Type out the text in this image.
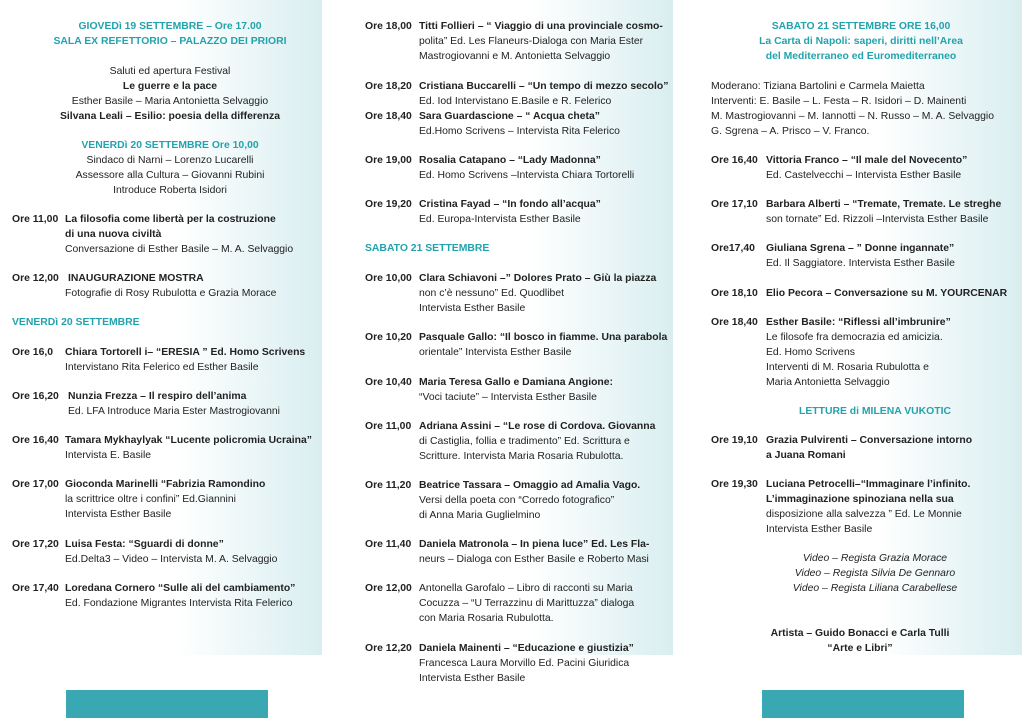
GIOVEDì 19 SETTEMBRE – Ore 17.00
SALA EX REFETTORIO – PALAZZO DEI PRIORI
Saluti ed apertura Festival
Le guerre e la pace
Esther Basile – Maria Antonietta Selvaggio
Silvana Leali – Esilio: poesia della differenza
VENERDì 20 SETTEMBRE Ore 10,00
Sindaco di Narni – Lorenzo Lucarelli
Assessore alla Cultura – Giovanni Rubini
Introduce Roberta Isidori
Ore 11,00 La filosofia come libertà per la costruzione
di una nuova civiltà
Conversazione di Esther Basile – M. A. Selvaggio
Ore 12,00 INAUGURAZIONE MOSTRA
Fotografie di Rosy Rubulotta e Grazia Morace
VENERDì 20 SETTEMBRE
Ore 16,0 Chiara Tortorell i– “ERESIA ” Ed. Homo Scrivens
Intervistano Rita Felerico ed Esther Basile
Ore 16,20 Nunzia Frezza – Il respiro dell’anima
Ed. LFA Introduce Maria Ester Mastrogiovanni
Ore 16,40 Tamara Mykhaylyak “Lucente policromia Ucraina”
Intervista E. Basile
Ore 17,00 Gioconda Marinelli “Fabrizia Ramondino
la scrittrice oltre i confini” Ed.Giannini
Intervista Esther Basile
Ore 17,20 Luisa Festa: “Sguardi di donne”
Ed.Delta3 – Video – Intervista M. A. Selvaggio
Ore 17,40 Loredana Cornero “Sulle ali del cambiamento”
Ed. Fondazione Migrantes Intervista Rita Felerico
Ore 18,00 Titti Follieri – “ Viaggio di una provinciale cosmo-
polita” Ed. Les Flaneurs-Dialoga con Maria Ester
Mastrogiovanni e M. Antonietta Selvaggio
Ore 18,20 Cristiana Buccarelli – “Un tempo di mezzo secolo”
Ed. Iod Intervistano E.Basile e R. Felerico
Ore 18,40 Sara Guardascione – “ Acqua cheta”
Ed.Homo Scrivens – Intervista Rita Felerico
Ore 19,00 Rosalia Catapano – “Lady Madonna”
Ed. Homo Scrivens –Intervista Chiara Tortorelli
Ore 19,20 Cristina Fayad – “In fondo all’acqua”
Ed. Europa-Intervista Esther Basile
SABATO 21 SETTEMBRE
Ore 10,00 Clara Schiavoni –” Dolores Prato – Giù la piazza
non c’è nessuno” Ed. Quodlibet
Intervista Esther Basile
Ore 10,20 Pasquale Gallo: “Il bosco in fiamme. Una parabola
orientale” Intervista Esther Basile
Ore 10,40 Maria Teresa Gallo e Damiana Angione:
“Voci taciute” – Intervista Esther Basile
Ore 11,00 Adriana Assini – “Le rose di Cordova. Giovanna
di Castiglia, follia e tradimento” Ed. Scrittura e
Scritture. Intervista Maria Rosaria Rubulotta.
Ore 11,20 Beatrice Tassara – Omaggio ad Amalia Vago.
Versi della poeta con “Corredo fotografico”
di Anna Maria Guglielmino
Ore 11,40 Daniela Matronola – In piena luce” Ed. Les Fla-
neurs – Dialoga con Esther Basile e Roberto Masi
Ore 12,00 Antonella Garofalo – Libro di racconti su Maria
Cocuzza – “U Terrazzinu di Marittuzza” dialoga
con Maria Rosaria Rubulotta.
Ore 12,20 Daniela Mainenti – “Educazione e giustizia”
Francesca Laura Morvillo Ed. Pacini Giuridica
Intervista Esther Basile
SABATO 21 SETTEMBRE ORE 16,00
La Carta di Napoli: saperi, diritti nell’Area
del Mediterraneo ed Euromediterraneo
Moderano: Tiziana Bartolini e Carmela Maietta
Interventi: E. Basile – L. Festa – R. Isidori – D. Mainenti
M. Mastrogiovanni – M. Iannotti – N. Russo – M. A. Selvaggio
G. Sgrena – A. Prisco – V. Franco.
Ore 16,40 Vittoria Franco – “Il male del Novecento”
Ed. Castelvecchi – Intervista Esther Basile
Ore 17,10 Barbara Alberti – “Tremate, Tremate. Le streghe
son tornate” Ed. Rizzoli –Intervista Esther Basile
Ore17,40 Giuliana Sgrena – ” Donne ingannate”
Ed. Il Saggiatore. Intervista Esther Basile
Ore 18,10 Elio Pecora – Conversazione su M. YOURCENAR
Ore 18,40 Esther Basile: “Riflessi all’imbrunire”
Le filosofe fra democrazia ed amicizia.
Ed. Homo Scrivens
Interventi di M. Rosaria Rubulotta e
Maria Antonietta Selvaggio
LETTURE di MILENA VUKOTIC
Ore 19,10 Grazia Pulvirenti – Conversazione intorno
a Juana Romani
Ore 19,30 Luciana Petrocelli–“Immaginare l’infinito.
L’immaginazione spinoziana nella sua
disposizione alla salvezza ” Ed. Le Monnie
Intervista Esther Basile
Video – Regista Grazia Morace
Video – Regista Silvia De Gennaro
Video – Regista Liliana Carabellese
Artista – Guido Bonacci e Carla Tulli
“Arte e Libri”
